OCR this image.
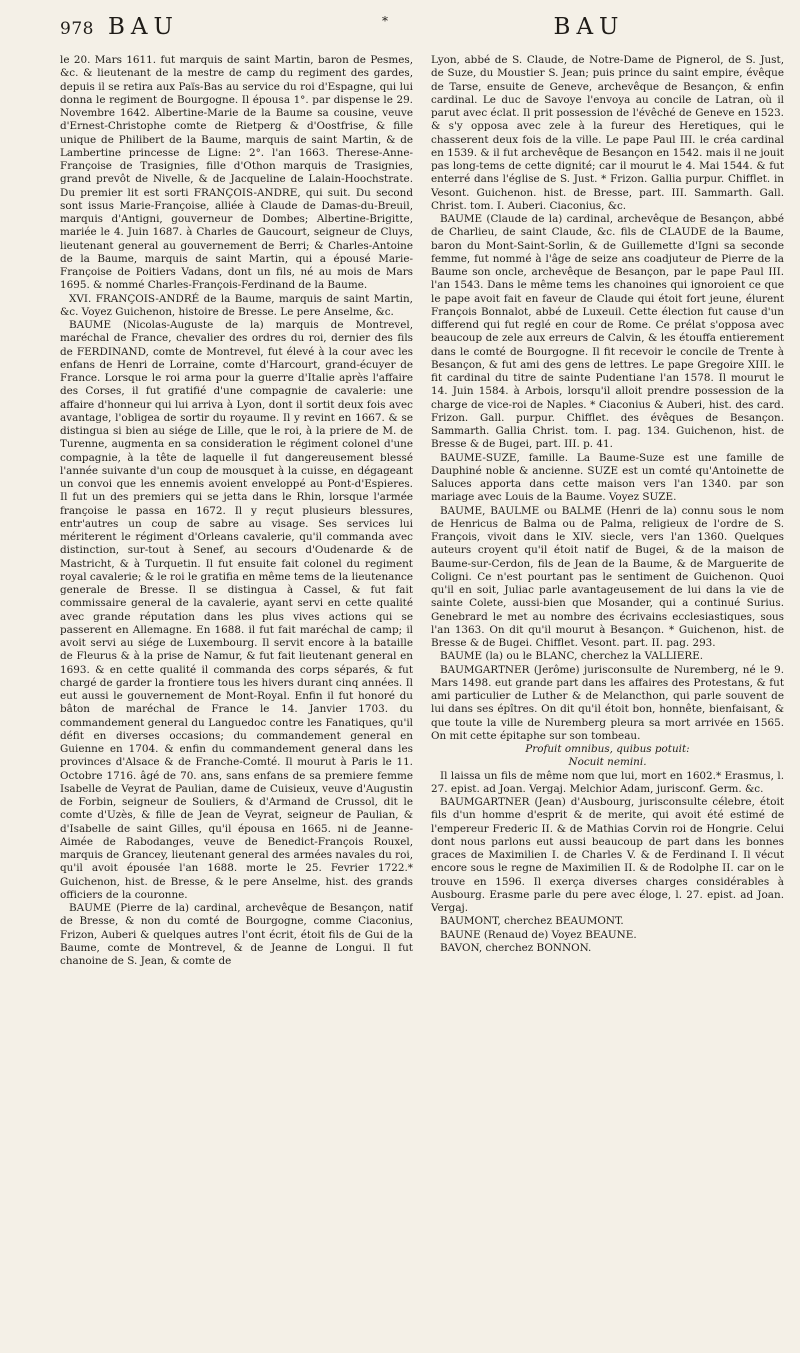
978 BAU	*	BAU

le 20. Mars 1611. fut marquis de saint Martin, baron de Pesmes, &c. & lieutenant de la mestre de camp du regiment des gardes, depuis il se retira aux Païs-Bas au service du roi d'Espagne, qui lui donna le regiment de Bourgogne. Il épousa 1°. par dispense le 29. Novembre 1642. Albertine-Marie de la Baume sa cousine, veuve d'Ernest-Christophe comte de Rietperg & d'Oostfrise, & fille unique de Philibert de la Baume, marquis de saint Martin, & de Lambertine princesse de Ligne: 2°. l'an 1663. Therese-Anne-Françoise de Trasignies, fille d'Othon marquis de Trasignies, grand prevôt de Nivelle, & de Jacqueline de Lalain-Hoochstrate. Du premier lit est sorti FRANÇOIS-ANDRE, qui suit. Du second sont issus Marie-Françoise, alliée à Claude de Damas-du-Breuil, marquis d'Antigni, gouverneur de Dombes; Albertine-Brigitte, mariée le 4. Juin 1687. à Charles de Gaucourt, seigneur de Cluys, lieutenant general au gouvernement de Berri; & Charles-Antoine de la Baume, marquis de saint Martin, qui a épousé Marie-Françoise de Poitiers Vadans, dont un fils, né au mois de Mars 1695. & nommé Charles-François-Ferdinand de la Baume.

XVI. FRANÇOIS-ANDRÉ de la Baume, marquis de saint Martin, &c. Voyez Guichenon, histoire de Bresse. Le pere Anselme, &c.

BAUME (Nicolas-Auguste de la) marquis de Montrevel, maréchal de France, chevalier des ordres du roi, dernier des fils de FERDINAND, comte de Montrevel, fut élevé à la cour avec les enfans de Henri de Lorraine, comte d'Harcourt, grand-écuyer de France. Lorsque le roi arma pour la guerre d'Italie après l'affaire des Corses, il fut gratifié d'une compagnie de cavalerie: une affaire d'honneur qui lui arriva à Lyon, dont il sortit deux fois avec avantage, l'obligea de sortir du royaume. Il y revint en 1667. & se distingua si bien au siége de Lille, que le roi, à la priere de M. de Turenne, augmenta en sa consideration le régiment colonel d'une compagnie, à la tête de laquelle il fut dangereusement blessé l'année suivante d'un coup de mousquet à la cuisse, en dégageant un convoi que les ennemis avoient enveloppé au Pont-d'Espieres. Il fut un des premiers qui se jetta dans le Rhin, lorsque l'armée françoise le passa en 1672. Il y reçut plusieurs blessures, entr'autres un coup de sabre au visage. Ses services lui mériterent le régiment d'Orleans cavalerie, qu'il commanda avec distinction, sur-tout à Senef, au secours d'Oudenarde & de Mastricht, & à Turquetin. Il fut ensuite fait colonel du regiment royal cavalerie; & le roi le gratifia en même tems de la lieutenance generale de Bresse. Il se distingua à Cassel, & fut fait commissaire general de la cavalerie, ayant servi en cette qualité avec grande réputation dans les plus vives actions qui se passerent en Allemagne. En 1688. il fut fait maréchal de camp; il avoit servi au siége de Luxembourg. Il servit encore à la bataille de Fleurus & à la prise de Namur, & fut fait lieutenant general en 1693. & en cette qualité il commanda des corps séparés, & fut chargé de garder la frontiere tous les hivers durant cinq années. Il eut aussi le gouvernement de Mont-Royal. Enfin il fut honoré du bâton de maréchal de France le 14. Janvier 1703. du commandement general du Languedoc contre les Fanatiques, qu'il défit en diverses occasions; du commandement general en Guienne en 1704. & enfin du commandement general dans les provinces d'Alsace & de Franche-Comté. Il mourut à Paris le 11. Octobre 1716. âgé de 70. ans, sans enfans de sa premiere femme Isabelle de Veyrat de Paulian, dame de Cuisieux, veuve d'Augustin de Forbin, seigneur de Souliers, & d'Armand de Crussol, dit le comte d'Uzès, & fille de Jean de Veyrat, seigneur de Paulian, & d'Isabelle de saint Gilles, qu'il épousa en 1665. ni de Jeanne-Aimée de Rabodanges, veuve de Benedict-François Rouxel, marquis de Grancey, lieutenant general des armées navales du roi, qu'il avoit épousée l'an 1688. morte le 25. Fevrier 1722.* Guichenon, hist. de Bresse, & le pere Anselme, hist. des grands officiers de la couronne.

BAUME (Pierre de la) cardinal, archevêque de Besançon, natif de Bresse, & non du comté de Bourgogne, comme Ciaconius, Frizon, Auberi & quelques autres l'ont écrit, étoit fils de Gui de la Baume, comte de Montrevel, & de Jeanne de Longui. Il fut chanoine de S. Jean, & comte de

Lyon, abbé de S. Claude, de Notre-Dame de Pignerol, de S. Just, de Suze, du Moustier S. Jean; puis prince du saint empire, évêque de Tarse, ensuite de Geneve, archevêque de Besançon, & enfin cardinal. Le duc de Savoye l'envoya au concile de Latran, où il parut avec éclat. Il prit possession de l'évêché de Geneve en 1523. & s'y opposa avec zele à la fureur des Heretiques, qui le chasserent deux fois de la ville. Le pape Paul III. le créa cardinal en 1539. & il fut archevêque de Besançon en 1542. mais il ne jouit pas long-tems de cette dignité; car il mourut le 4. Mai 1544. & fut enterré dans l'église de S. Just. * Frizon. Gallia purpur. Chifflet. in Vesont. Guichenon. hist. de Bresse, part. III. Sammarth. Gall. Christ. tom. I. Auberi. Ciaconius, &c.

BAUME (Claude de la) cardinal, archevêque de Besançon, abbé de Charlieu, de saint Claude, &c. fils de CLAUDE de la Baume, baron du Mont-Saint-Sorlin, & de Guillemette d'Igni sa seconde femme, fut nommé à l'âge de seize ans coadjuteur de Pierre de la Baume son oncle, archevêque de Besançon, par le pape Paul III. l'an 1543. Dans le même tems les chanoines qui ignoroient ce que le pape avoit fait en faveur de Claude qui étoit fort jeune, élurent François Bonnalot, abbé de Luxeuil. Cette élection fut cause d'un differend qui fut reglé en cour de Rome. Ce prélat s'opposa avec beaucoup de zele aux erreurs de Calvin, & les étouffa entierement dans le comté de Bourgogne. Il fit recevoir le concile de Trente à Besançon, & fut ami des gens de lettres. Le pape Gregoire XIII. le fit cardinal du titre de sainte Pudentiane l'an 1578. Il mourut le 14. Juin 1584. à Arbois, lorsqu'il alloit prendre possession de la charge de vice-roi de Naples. * Ciaconius & Auberi, hist. des card. Frizon. Gall. purpur. Chifflet. des évêques de Besançon. Sammarth. Gallia Christ. tom. I. pag. 134. Guichenon, hist. de Bresse & de Bugei, part. III. p. 41.

BAUME-SUZE, famille. La Baume-Suze est une famille de Dauphiné noble & ancienne. SUZE est un comté qu'Antoinette de Saluces apporta dans cette maison vers l'an 1340. par son mariage avec Louis de la Baume. Voyez SUZE.

BAUME, BAULME ou BALME (Henri de la) connu sous le nom de Henricus de Balma ou de Palma, religieux de l'ordre de S. François, vivoit dans le XIV. siecle, vers l'an 1360. Quelques auteurs croyent qu'il étoit natif de Bugei, & de la maison de Baume-sur-Cerdon, fils de Jean de la Baume, & de Marguerite de Coligni. Ce n'est pourtant pas le sentiment de Guichenon. Quoi qu'il en soit, Juliac parle avantageusement de lui dans la vie de sainte Colete, aussi-bien que Mosander, qui a continué Surius. Genebrard le met au nombre des écrivains ecclesiastiques, sous l'an 1363. On dit qu'il mourut à Besançon. * Guichenon, hist. de Bresse & de Bugei. Chifflet. Vesont. part. II. pag. 293.

BAUME (la) ou le BLANC, cherchez la VALLIERE.

BAUMGARTNER (Jerôme) jurisconsulte de Nuremberg, né le 9. Mars 1498. eut grande part dans les affaires des Protestans, & fut ami particulier de Luther & de Melancthon, qui parle souvent de lui dans ses épîtres. On dit qu'il étoit bon, honnête, bienfaisant, & que toute la ville de Nuremberg pleura sa mort arrivée en 1565. On mit cette épitaphe sur son tombeau.

Profuit omnibus, quibus potuit:

Nocuit nemini.

Il laissa un fils de même nom que lui, mort en 1602.* Erasmus, l. 27. epist. ad Joan. Vergaj. Melchior Adam, jurisconf. Germ. &c.

BAUMGARTNER (Jean) d'Ausbourg, jurisconsulte célebre, étoit fils d'un homme d'esprit & de merite, qui avoit été estimé de l'empereur Frederic II. & de Mathias Corvin roi de Hongrie. Celui dont nous parlons eut aussi beaucoup de part dans les bonnes graces de Maximilien I. de Charles V. & de Ferdinand I. Il vécut encore sous le regne de Maximilien II. & de Rodolphe II. car on le trouve en 1596. Il exerça diverses charges considérables à Ausbourg. Erasme parle du pere avec éloge, l. 27. epist. ad Joan. Vergaj.

BAUMONT, cherchez BEAUMONT.

BAUNE (Renaud de) Voyez BEAUNE.

BAVON, cherchez BONNON.
